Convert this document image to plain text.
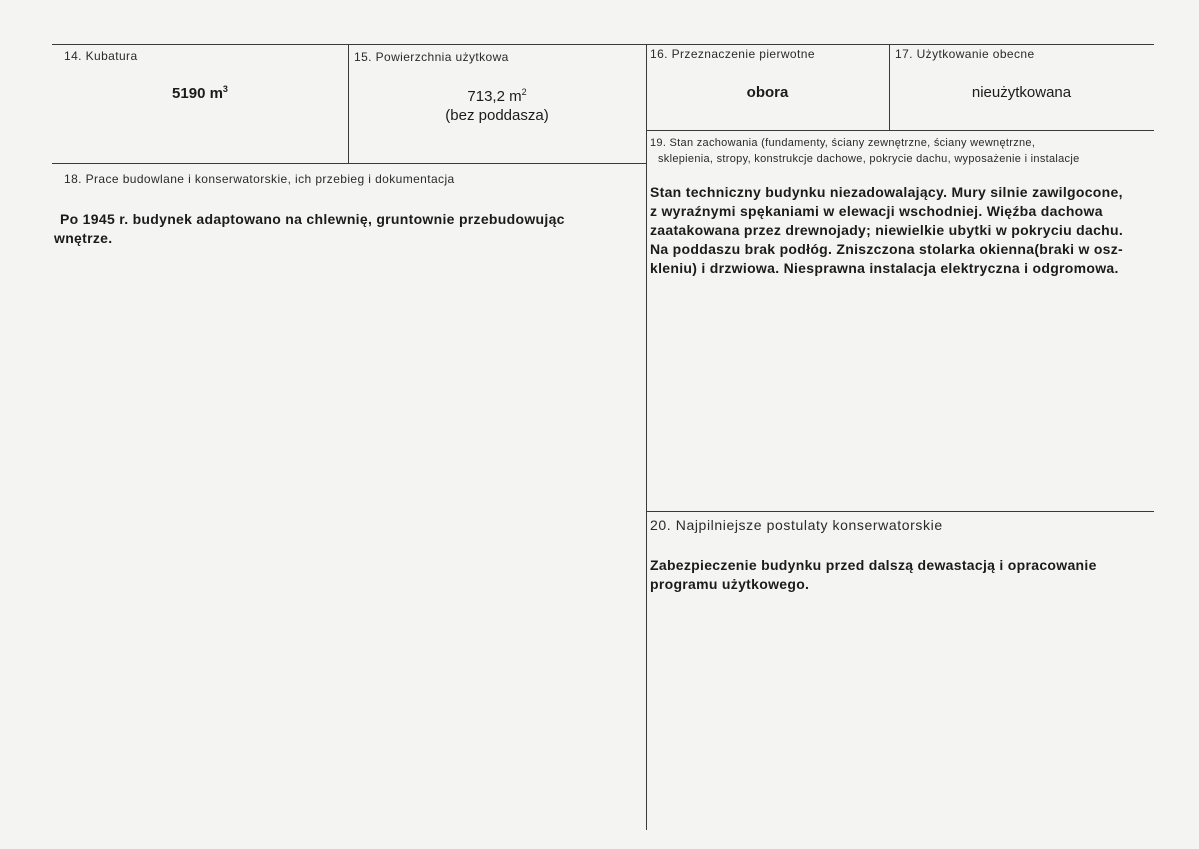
14. Kubatura
5190 $m^3$
15. Powierzchnia użytkowa
713,2 $m^2$
(bez poddasza)
16. Przeznaczenie pierwotne
obora
17. Użytkowanie obecne
nieużytkowana
18. Prace budowlane i konserwatorskie, ich przebieg i dokumentacja
Po 1945 r. budynek adaptowano na chlewnię, gruntownie przebudowując
wnętrze.
19. Stan zachowania (fundamenty, ściany zewnętrzne, ściany wewnętrzne,
sklepienia, stropy, konstrukcje dachowe, pokrycie dachu, wyposażenie i instalacje
Stan techniczny budynku niezadowalający. Mury silnie zawilgocone,
z wyraźnymi spękaniami w elewacji wschodniej. Więźba dachowa
zaatakowana przez drewnojady; niewielkie ubytki w pokryciu dachu.
Na poddaszu brak podłóg. Zniszczona stolarka okienna(braki w osz-
kleniu) i drzwiowa. Niesprawna instalacja elektryczna i odgromowa.
20. Najpilniejsze postulaty konserwatorskie
Zabezpieczenie budynku przed dalszą dewastacją i opracowanie
programu użytkowego.
